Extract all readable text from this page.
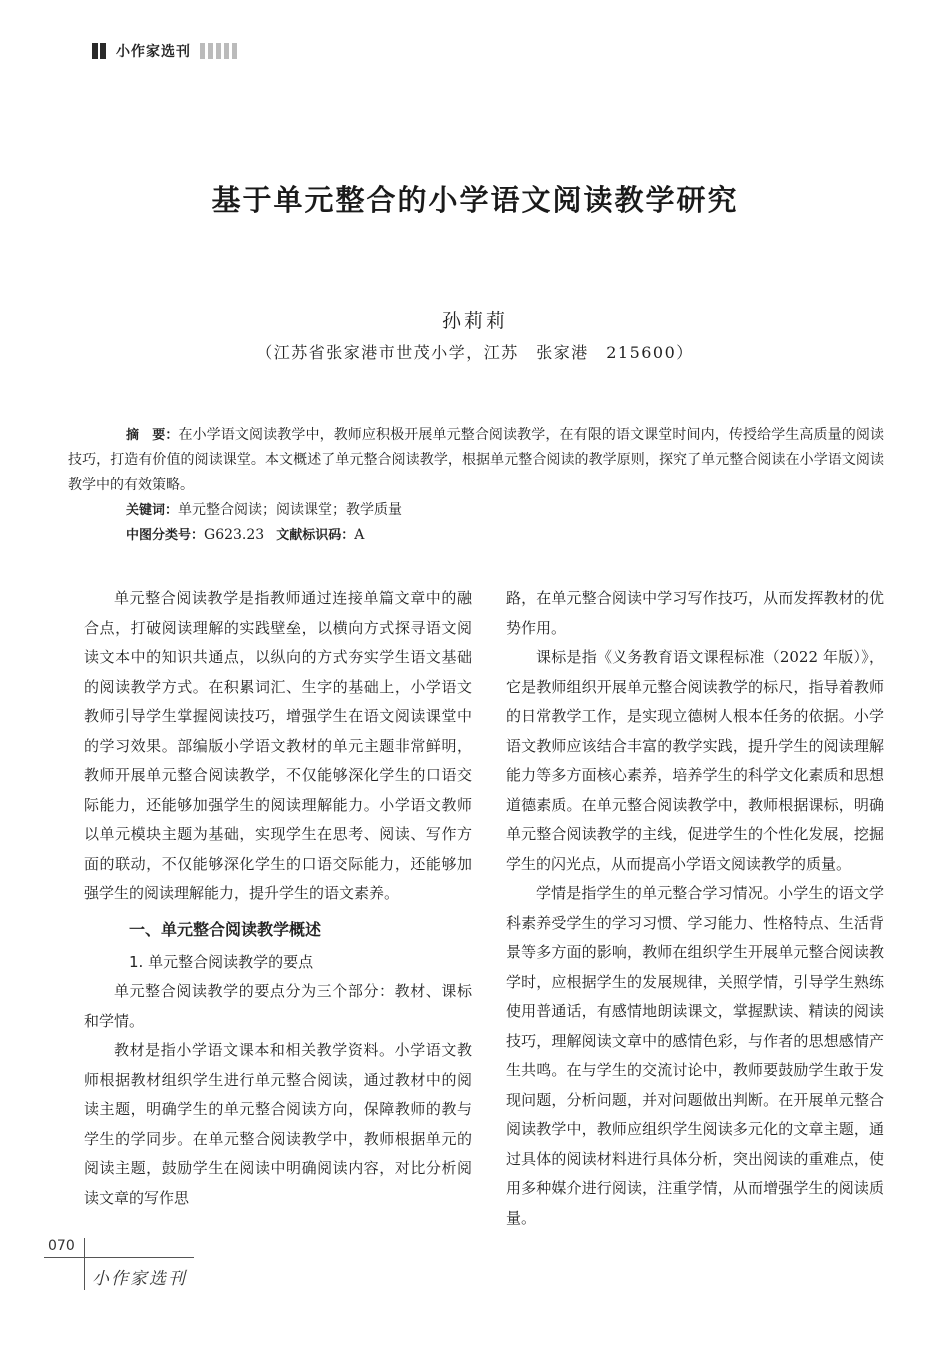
小作家选刊
基于单元整合的小学语文阅读教学研究
孙莉莉
（江苏省张家港市世茂小学，江苏　张家港　215600）

摘　要：在小学语文阅读教学中，教师应积极开展单元整合阅读教学，在有限的语文课堂时间内，传授给学生高质量的阅读技巧，打造有价值的阅读课堂。本文概述了单元整合阅读教学，根据单元整合阅读的教学原则，探究了单元整合阅读在小学语文阅读教学中的有效策略。

关键词：单元整合阅读；阅读课堂；教学质量

中图分类号：G623.23 文献标识码：A

单元整合阅读教学是指教师通过连接单篇文章中的融合点，打破阅读理解的实践壁垒，以横向方式探寻语文阅读文本中的知识共通点，以纵向的方式夯实学生语文基础的阅读教学方式。在积累词汇、生字的基础上，小学语文教师引导学生掌握阅读技巧，增强学生在语文阅读课堂中的学习效果。部编版小学语文教材的单元主题非常鲜明，教师开展单元整合阅读教学，不仅能够深化学生的口语交际能力，还能够加强学生的阅读理解能力。小学语文教师以单元模块主题为基础，实现学生在思考、阅读、写作方面的联动，不仅能够深化学生的口语交际能力，还能够加强学生的阅读理解能力，提升学生的语文素养。

一、单元整合阅读教学概述
1. 单元整合阅读教学的要点

单元整合阅读教学的要点分为三个部分：教材、课标和学情。

教材是指小学语文课本和相关教学资料。小学语文教师根据教材组织学生进行单元整合阅读，通过教材中的阅读主题，明确学生的单元整合阅读方向，保障教师的教与学生的学同步。在单元整合阅读教学中，教师根据单元的阅读主题，鼓励学生在阅读中明确阅读内容，对比分析阅读文章的写作思

路，在单元整合阅读中学习写作技巧，从而发挥教材的优势作用。

课标是指《义务教育语文课程标准（2022 年版）》，它是教师组织开展单元整合阅读教学的标尺，指导着教师的日常教学工作，是实现立德树人根本任务的依据。小学语文教师应该结合丰富的教学实践，提升学生的阅读理解能力等多方面核心素养，培养学生的科学文化素质和思想道德素质。在单元整合阅读教学中，教师根据课标，明确单元整合阅读教学的主线，促进学生的个性化发展，挖掘学生的闪光点，从而提高小学语文阅读教学的质量。

学情是指学生的单元整合学习情况。小学生的语文学科素养受学生的学习习惯、学习能力、性格特点、生活背景等多方面的影响，教师在组织学生开展单元整合阅读教学时，应根据学生的发展规律，关照学情，引导学生熟练使用普通话，有感情地朗读课文，掌握默读、精读的阅读技巧，理解阅读文章中的感情色彩，与作者的思想感情产生共鸣。在与学生的交流讨论中，教师要鼓励学生敢于发现问题，分析问题，并对问题做出判断。在开展单元整合阅读教学中，教师应组织学生阅读多元化的文章主题，通过具体的阅读材料进行具体分析，突出阅读的重难点，使用多种媒介进行阅读，注重学情，从而增强学生的阅读质量。

070
小作家选刊
